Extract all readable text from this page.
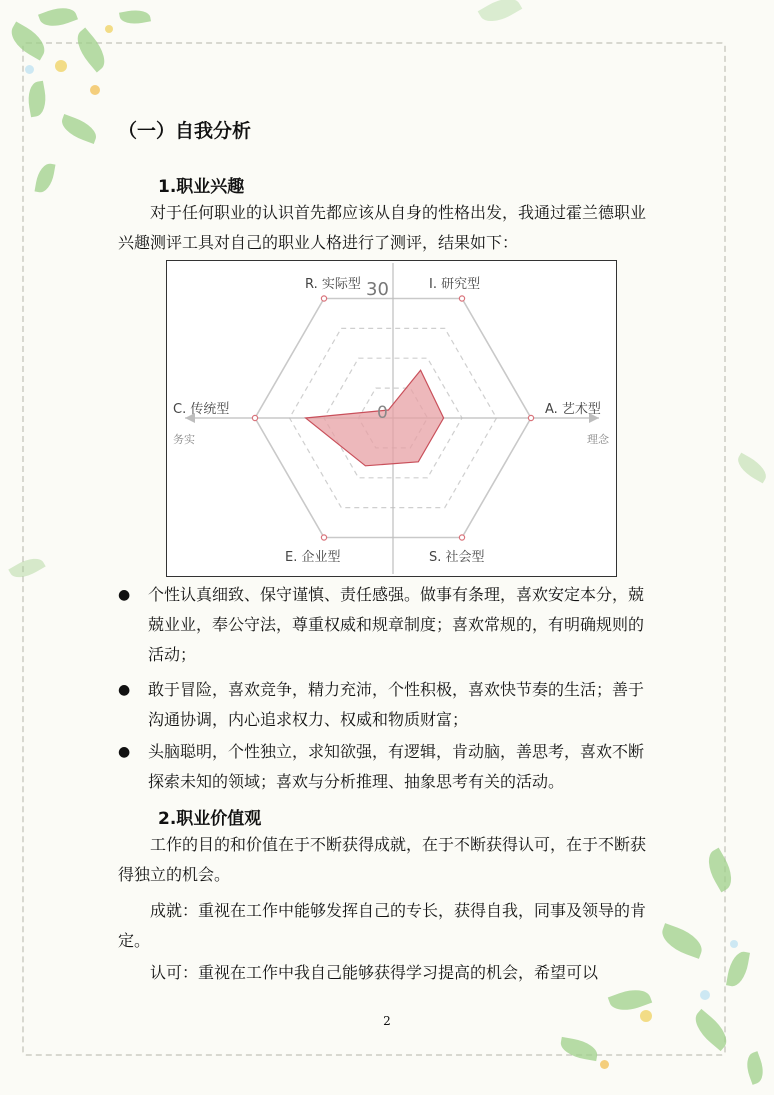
（一）自我分析
1.职业兴趣
对于任何职业的认识首先都应该从自身的性格出发，我通过霍兰德职业兴趣测评工具对自己的职业人格进行了测评，结果如下：
R. 实际型	I. 研究型
A. 艺术型
S. 社会型
E. 企业型
C. 传统型
30
0
务实	理念
● 个性认真细致、保守谨慎、责任感强。做事有条理，喜欢安定本分，兢兢业业，奉公守法，尊重权威和规章制度；喜欢常规的，有明确规则的活动；
● 敢于冒险，喜欢竞争，精力充沛，个性积极，喜欢快节奏的生活；善于沟通协调，内心追求权力、权威和物质财富；
● 头脑聪明，个性独立，求知欲强，有逻辑，肯动脑，善思考，喜欢不断探索未知的领域；喜欢与分析推理、抽象思考有关的活动。
2.职业价值观
工作的目的和价值在于不断获得成就，在于不断获得认可，在于不断获得独立的机会。
成就：重视在工作中能够发挥自己的专长，获得自我，同事及领导的肯定。
认可：重视在工作中我自己能够获得学习提高的机会，希望可以
2
